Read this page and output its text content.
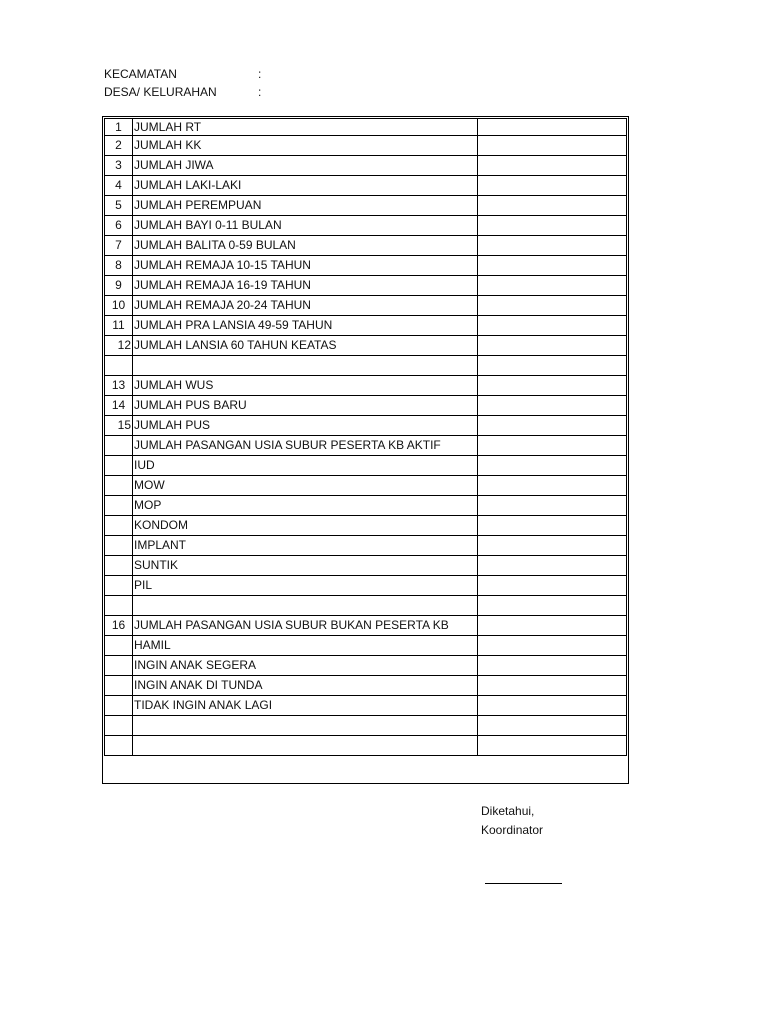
KECAMATAN	:
DESA/ KELURAHAN	:
1	JUMLAH RT	
2	JUMLAH KK	
3	JUMLAH JIWA	
4	JUMLAH LAKI-LAKI	
5	JUMLAH PEREMPUAN	
6	JUMLAH BAYI 0-11 BULAN	
7	JUMLAH BALITA 0-59 BULAN	
8	JUMLAH REMAJA 10-15 TAHUN	
9	JUMLAH REMAJA 16-19 TAHUN	
10	JUMLAH REMAJA 20-24 TAHUN	
11	JUMLAH PRA LANSIA 49-59 TAHUN	
12	JUMLAH LANSIA 60 TAHUN KEATAS	

13	JUMLAH WUS	
14	JUMLAH PUS BARU	
15	JUMLAH PUS	
	JUMLAH PASANGAN USIA SUBUR PESERTA KB AKTIF	
	IUD	
	MOW	
	MOP	
	KONDOM	
	IMPLANT	
	SUNTIK	
	PIL	

16	JUMLAH PASANGAN USIA SUBUR BUKAN PESERTA KB	
	HAMIL	
	INGIN ANAK SEGERA	
	INGIN ANAK DI TUNDA	
	TIDAK INGIN ANAK LAGI	

Diketahui,
Koordinator
